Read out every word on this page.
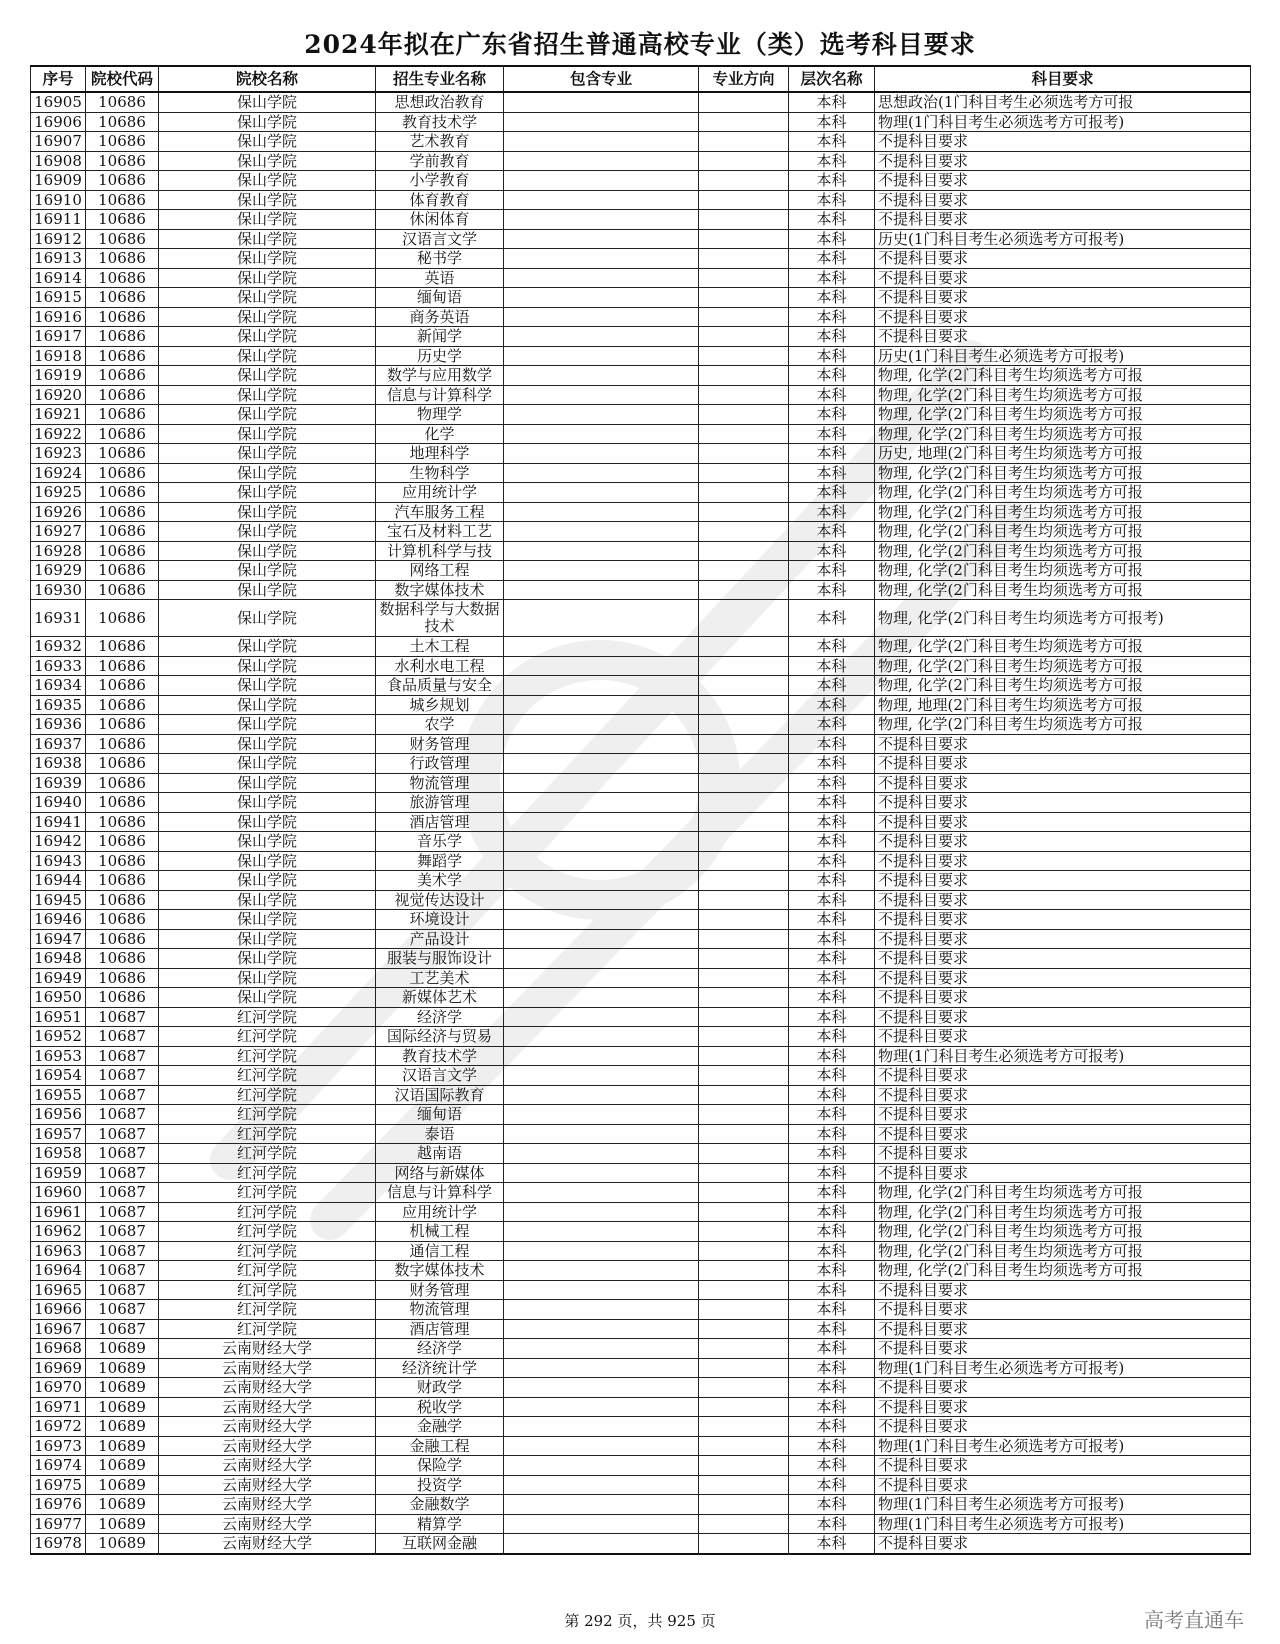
2024年拟在广东省招生普通高校专业（类）选考科目要求
序号	院校代码	院校名称	招生专业名称	包含专业	专业方向	层次名称	科目要求
16905	10686	保山学院	思想政治教育			本科	思想政治(1门科目考生必须选考方可报
16906	10686	保山学院	教育技术学			本科	物理(1门科目考生必须选考方可报考)
16907	10686	保山学院	艺术教育			本科	不提科目要求
16908	10686	保山学院	学前教育			本科	不提科目要求
16909	10686	保山学院	小学教育			本科	不提科目要求
16910	10686	保山学院	体育教育			本科	不提科目要求
16911	10686	保山学院	休闲体育			本科	不提科目要求
16912	10686	保山学院	汉语言文学			本科	历史(1门科目考生必须选考方可报考)
16913	10686	保山学院	秘书学			本科	不提科目要求
16914	10686	保山学院	英语			本科	不提科目要求
16915	10686	保山学院	缅甸语			本科	不提科目要求
16916	10686	保山学院	商务英语			本科	不提科目要求
16917	10686	保山学院	新闻学			本科	不提科目要求
16918	10686	保山学院	历史学			本科	历史(1门科目考生必须选考方可报考)
16919	10686	保山学院	数学与应用数学			本科	物理, 化学(2门科目考生均须选考方可报
16920	10686	保山学院	信息与计算科学			本科	物理, 化学(2门科目考生均须选考方可报
16921	10686	保山学院	物理学			本科	物理, 化学(2门科目考生均须选考方可报
16922	10686	保山学院	化学			本科	物理, 化学(2门科目考生均须选考方可报
16923	10686	保山学院	地理科学			本科	历史, 地理(2门科目考生均须选考方可报
16924	10686	保山学院	生物科学			本科	物理, 化学(2门科目考生均须选考方可报
16925	10686	保山学院	应用统计学			本科	物理, 化学(2门科目考生均须选考方可报
16926	10686	保山学院	汽车服务工程			本科	物理, 化学(2门科目考生均须选考方可报
16927	10686	保山学院	宝石及材料工艺			本科	物理, 化学(2门科目考生均须选考方可报
16928	10686	保山学院	计算机科学与技			本科	物理, 化学(2门科目考生均须选考方可报
16929	10686	保山学院	网络工程			本科	物理, 化学(2门科目考生均须选考方可报
16930	10686	保山学院	数字媒体技术			本科	物理, 化学(2门科目考生均须选考方可报
16931	10686	保山学院	数据科学与大数据技术			本科	物理, 化学(2门科目考生均须选考方可报考)
16932	10686	保山学院	土木工程			本科	物理, 化学(2门科目考生均须选考方可报
16933	10686	保山学院	水利水电工程			本科	物理, 化学(2门科目考生均须选考方可报
16934	10686	保山学院	食品质量与安全			本科	物理, 化学(2门科目考生均须选考方可报
16935	10686	保山学院	城乡规划			本科	物理, 地理(2门科目考生均须选考方可报
16936	10686	保山学院	农学			本科	物理, 化学(2门科目考生均须选考方可报
16937	10686	保山学院	财务管理			本科	不提科目要求
16938	10686	保山学院	行政管理			本科	不提科目要求
16939	10686	保山学院	物流管理			本科	不提科目要求
16940	10686	保山学院	旅游管理			本科	不提科目要求
16941	10686	保山学院	酒店管理			本科	不提科目要求
16942	10686	保山学院	音乐学			本科	不提科目要求
16943	10686	保山学院	舞蹈学			本科	不提科目要求
16944	10686	保山学院	美术学			本科	不提科目要求
16945	10686	保山学院	视觉传达设计			本科	不提科目要求
16946	10686	保山学院	环境设计			本科	不提科目要求
16947	10686	保山学院	产品设计			本科	不提科目要求
16948	10686	保山学院	服装与服饰设计			本科	不提科目要求
16949	10686	保山学院	工艺美术			本科	不提科目要求
16950	10686	保山学院	新媒体艺术			本科	不提科目要求
16951	10687	红河学院	经济学			本科	不提科目要求
16952	10687	红河学院	国际经济与贸易			本科	不提科目要求
16953	10687	红河学院	教育技术学			本科	物理(1门科目考生必须选考方可报考)
16954	10687	红河学院	汉语言文学			本科	不提科目要求
16955	10687	红河学院	汉语国际教育			本科	不提科目要求
16956	10687	红河学院	缅甸语			本科	不提科目要求
16957	10687	红河学院	泰语			本科	不提科目要求
16958	10687	红河学院	越南语			本科	不提科目要求
16959	10687	红河学院	网络与新媒体			本科	不提科目要求
16960	10687	红河学院	信息与计算科学			本科	物理, 化学(2门科目考生均须选考方可报
16961	10687	红河学院	应用统计学			本科	物理, 化学(2门科目考生均须选考方可报
16962	10687	红河学院	机械工程			本科	物理, 化学(2门科目考生均须选考方可报
16963	10687	红河学院	通信工程			本科	物理, 化学(2门科目考生均须选考方可报
16964	10687	红河学院	数字媒体技术			本科	物理, 化学(2门科目考生均须选考方可报
16965	10687	红河学院	财务管理			本科	不提科目要求
16966	10687	红河学院	物流管理			本科	不提科目要求
16967	10687	红河学院	酒店管理			本科	不提科目要求
16968	10689	云南财经大学	经济学			本科	不提科目要求
16969	10689	云南财经大学	经济统计学			本科	物理(1门科目考生必须选考方可报考)
16970	10689	云南财经大学	财政学			本科	不提科目要求
16971	10689	云南财经大学	税收学			本科	不提科目要求
16972	10689	云南财经大学	金融学			本科	不提科目要求
16973	10689	云南财经大学	金融工程			本科	物理(1门科目考生必须选考方可报考)
16974	10689	云南财经大学	保险学			本科	不提科目要求
16975	10689	云南财经大学	投资学			本科	不提科目要求
16976	10689	云南财经大学	金融数学			本科	物理(1门科目考生必须选考方可报考)
16977	10689	云南财经大学	精算学			本科	物理(1门科目考生必须选考方可报考)
16978	10689	云南财经大学	互联网金融			本科	不提科目要求
第 292 页，共 925 页	高考直通车
